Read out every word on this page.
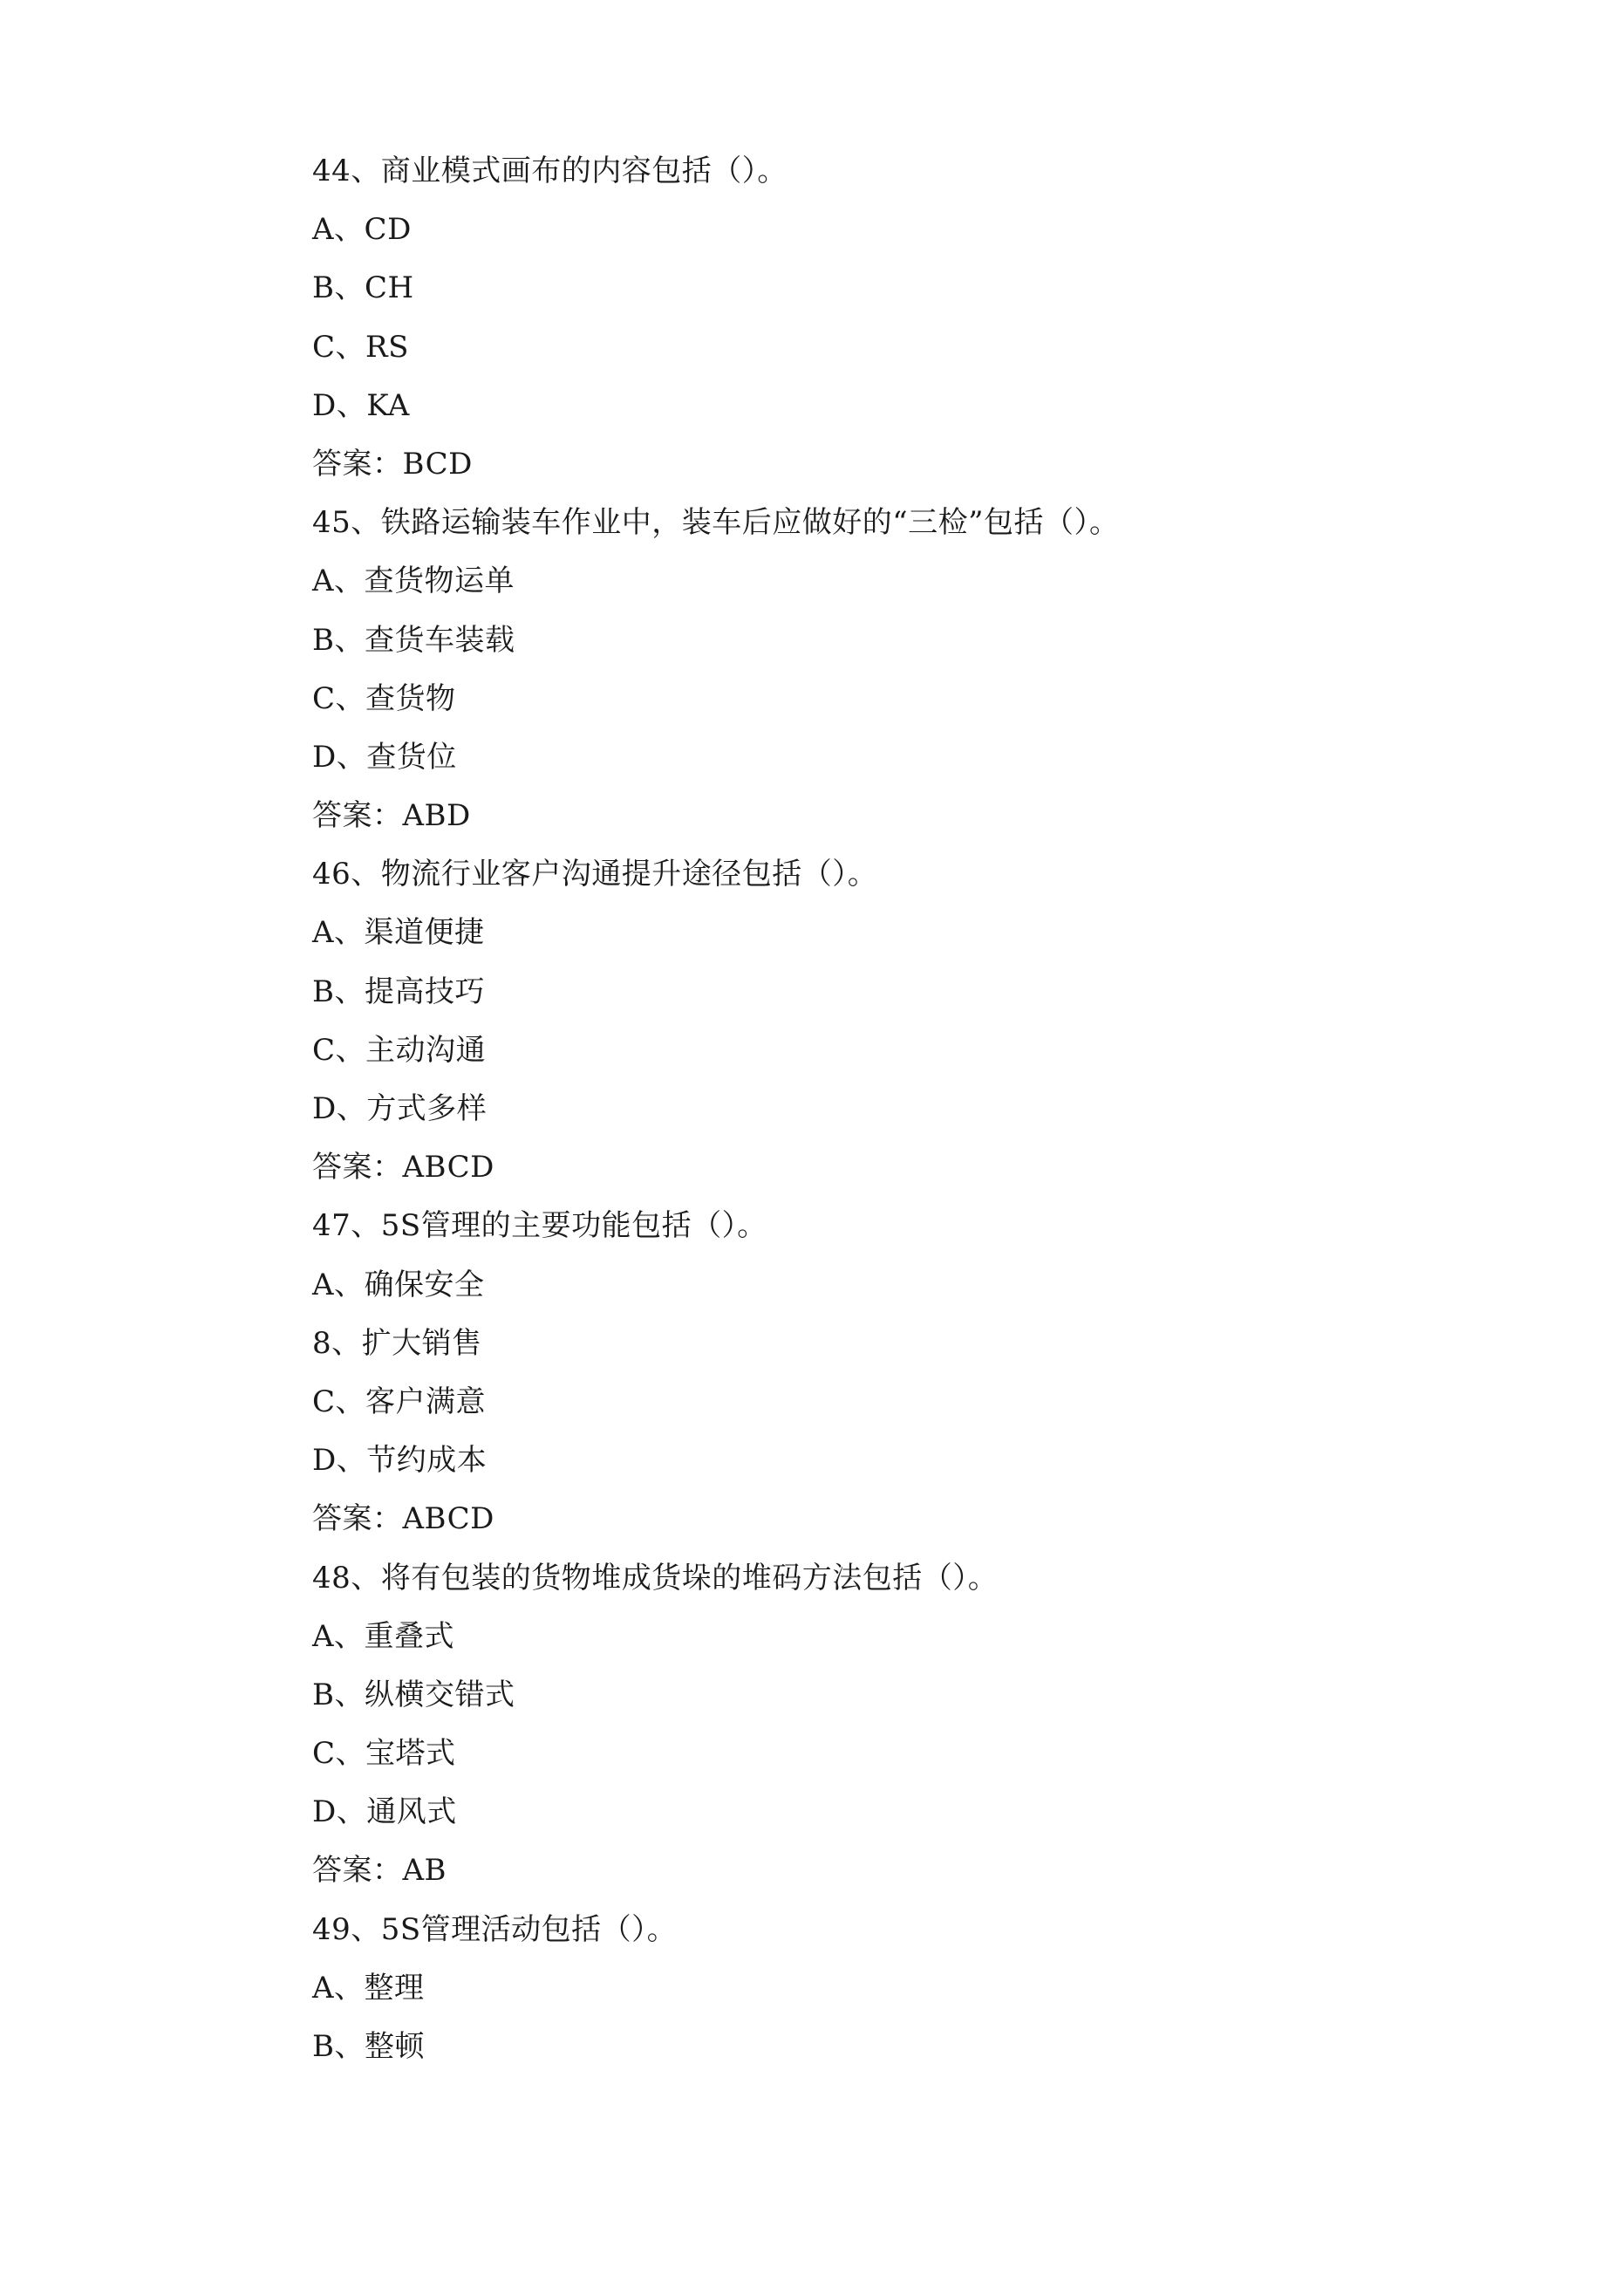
44、商业模式画布的内容包括（）。
A、CD
B、CH
C、RS
D、KA
答案：BCD
45、铁路运输装车作业中，装车后应做好的“三检”包括（）。
A、查货物运单
B、查货车装载
C、查货物
D、查货位
答案：ABD
46、物流行业客户沟通提升途径包括（）。
A、渠道便捷
B、提高技巧
C、主动沟通
D、方式多样
答案：ABCD
47、5S管理的主要功能包括（）。
A、确保安全
8、扩大销售
C、客户满意
D、节约成本
答案：ABCD
48、将有包装的货物堆成货垛的堆码方法包括（）。
A、重叠式
B、纵横交错式
C、宝塔式
D、通风式
答案：AB
49、5S管理活动包括（）。
A、整理
B、整顿
